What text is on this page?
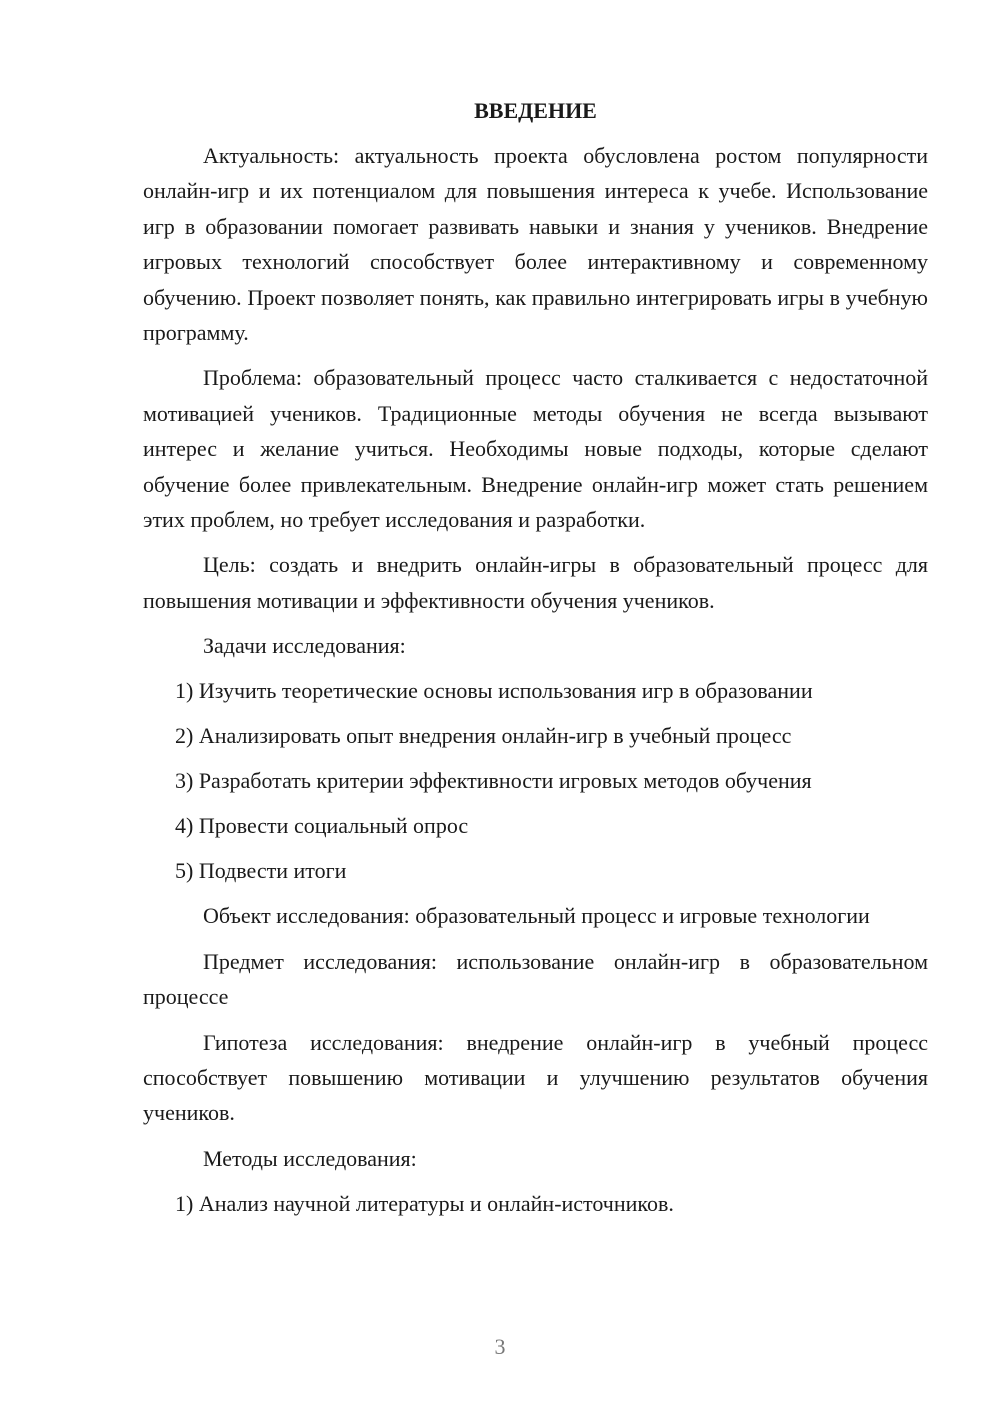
ВВЕДЕНИЕ

Актуальность: актуальность проекта обусловлена ростом популярности онлайн-игр и их потенциалом для повышения интереса к учебе. Использование игр в образовании помогает развивать навыки и знания у учеников. Внедрение игровых технологий способствует более интерактивному и современному обучению. Проект позволяет понять, как правильно интегрировать игры в учебную программу.

Проблема: образовательный процесс часто сталкивается с недостаточной мотивацией учеников. Традиционные методы обучения не всегда вызывают интерес и желание учиться. Необходимы новые подходы, которые сделают обучение более привлекательным. Внедрение онлайн-игр может стать решением этих проблем, но требует исследования и разработки.

Цель: создать и внедрить онлайн-игры в образовательный процесс для повышения мотивации и эффективности обучения учеников.

Задачи исследования:

1) Изучить теоретические основы использования игр в образовании
2) Анализировать опыт внедрения онлайн-игр в учебный процесс
3) Разработать критерии эффективности игровых методов обучения
4) Провести социальный опрос
5) Подвести итоги

Объект исследования: образовательный процесс и игровые технологии

Предмет исследования: использование онлайн-игр в образовательном процессе

Гипотеза исследования: внедрение онлайн-игр в учебный процесс способствует повышению мотивации и улучшению результатов обучения учеников.

Методы исследования:

1) Анализ научной литературы и онлайн-источников.
3
